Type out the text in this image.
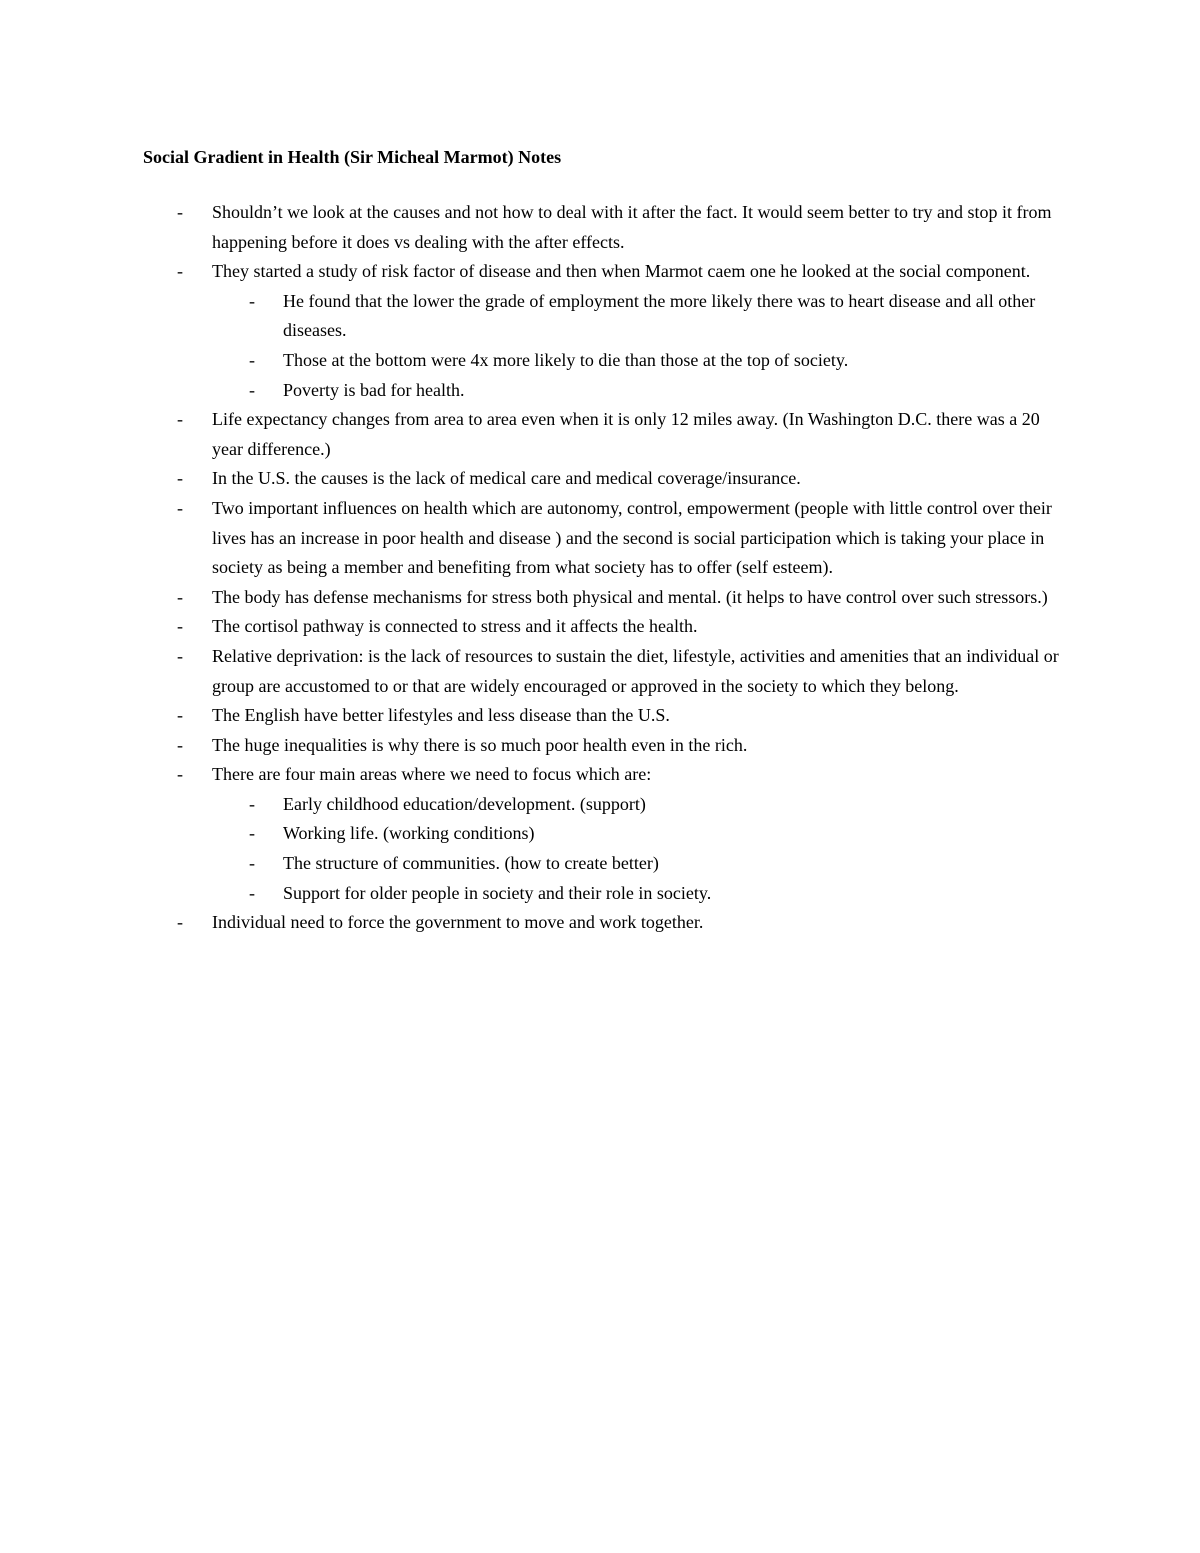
Social Gradient in Health (Sir Micheal Marmot) Notes
- Shouldn’t we look at the causes and not how to deal with it after the fact. It would seem better to try and stop it from happening before it does vs dealing with the after effects.
- They started a study of risk factor of disease and then when Marmot caem one he looked at the social component.
- He found that the lower the grade of employment the more likely there was to heart disease and all other diseases.
- Those at the bottom were 4x more likely to die than those at the top of society.
- Poverty is bad for health.
- Life expectancy changes from area to area even when it is only 12 miles away. (In Washington D.C. there was a 20 year difference.)
- In the U.S. the causes is the lack of medical care and medical coverage/insurance.
- Two important influences on health which are autonomy, control, empowerment (people with little control over their lives has an increase in poor health and disease ) and the second is social participation which is taking your place in society as being a member and benefiting from what society has to offer (self esteem).
- The body has defense mechanisms for stress both physical and mental. (it helps to have control over such stressors.)
- The cortisol pathway is connected to stress and it affects the health.
- Relative deprivation: is the lack of resources to sustain the diet, lifestyle, activities and amenities that an individual or group are accustomed to or that are widely encouraged or approved in the society to which they belong.
- The English have better lifestyles and less disease than the U.S.
- The huge inequalities is why there is so much poor health even in the rich.
- There are four main areas where we need to focus which are:
- Early childhood education/development. (support)
- Working life. (working conditions)
- The structure of communities. (how to create better)
- Support for older people in society and their role in society.
- Individual need to force the government to move and work together.
